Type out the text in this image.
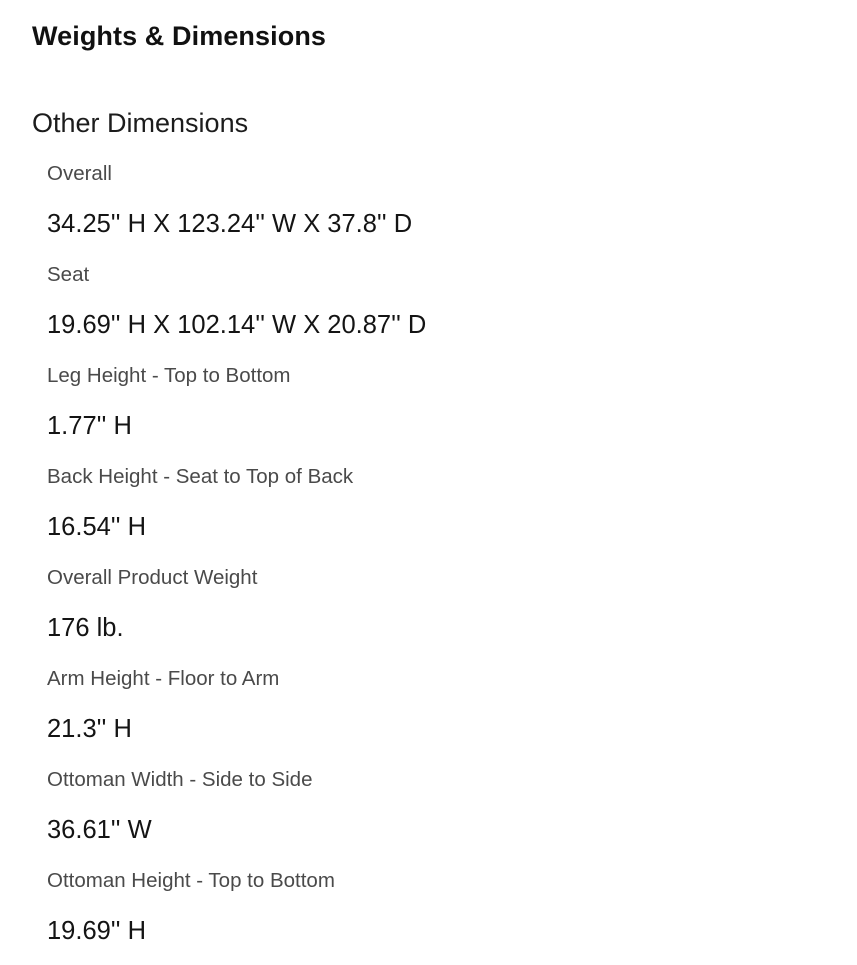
Weights & Dimensions
Other Dimensions

Overall

34.25'' H X 123.24'' W X 37.8'' D

Seat

19.69'' H X 102.14'' W X 20.87'' D

Leg Height - Top to Bottom

1.77'' H

Back Height - Seat to Top of Back

16.54'' H

Overall Product Weight

176 lb.

Arm Height - Floor to Arm

21.3'' H

Ottoman Width - Side to Side

36.61'' W

Ottoman Height - Top to Bottom

19.69'' H
